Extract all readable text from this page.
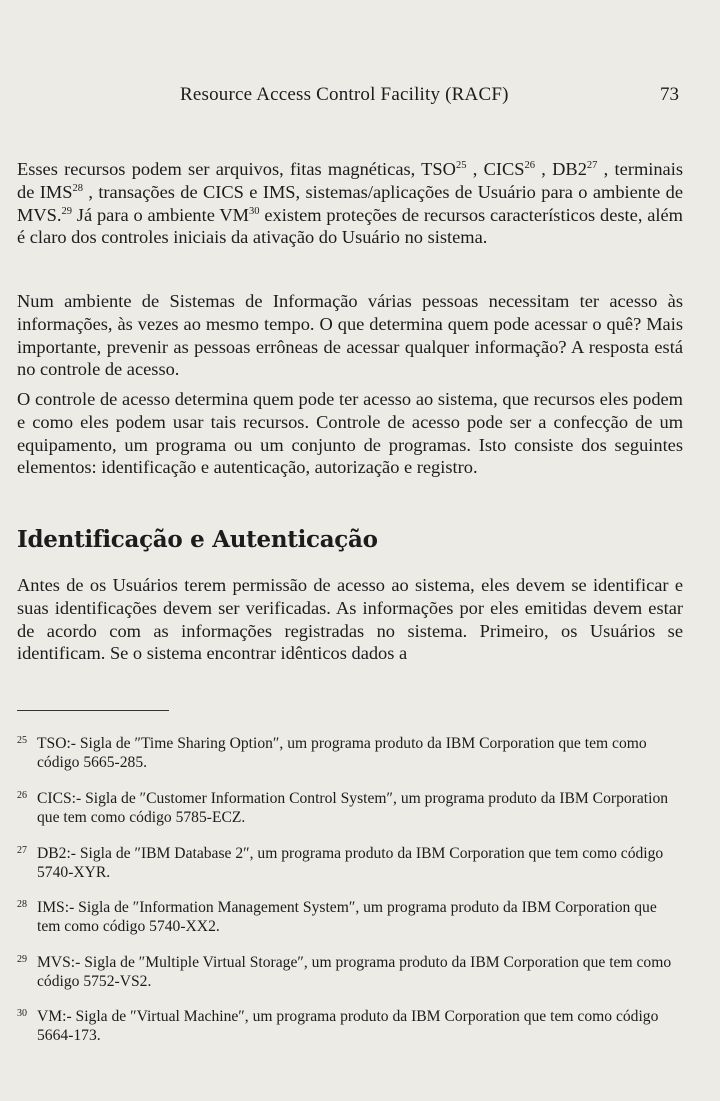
Resource Access Control Facility (RACF)	73

Esses recursos podem ser arquivos, fitas magnéticas, TSO$^{25}$ , CICS$^{26}$ , $DB2^{27}$ , terminais de IMS$^{28}$ , transações de CICS e IMS, sistemas/aplicações de Usuário para o ambiente de MVS.$^{29}$ Já para o ambiente VM$^{30}$ existem proteções de recursos característicos deste, além é claro dos controles iniciais da ativação do Usuário no sistema.

Num ambiente de Sistemas de Informação várias pessoas necessitam ter acesso às informações, às vezes ao mesmo tempo. O que determina quem pode acessar o quê? Mais importante, prevenir as pessoas errôneas de acessar qualquer informação? A resposta está no controle de acesso.

O controle de acesso determina quem pode ter acesso ao sistema, que recursos eles podem e como eles podem usar tais recursos. Controle de acesso pode ser a confecção de um equipamento, um programa ou um conjunto de programas. Isto consiste dos seguintes elementos: identificação e autenticação, autorização e registro.

Identificação e Autenticação

Antes de os Usuários terem permissão de acesso ao sistema, eles devem se identificar e suas identificações devem ser verificadas. As informações por eles emitidas devem estar de acordo com as informações registradas no sistema. Primeiro, os Usuários se identificam. Se o sistema encontrar idênticos dados a

25 TSO:- Sigla de ″Time Sharing Option″, um programa produto da IBM Corporation que tem como código 5665-285.

26 CICS:- Sigla de ″Customer Information Control System″, um programa produto da IBM Corporation que tem como código 5785-ECZ.

27 DB2:- Sigla de ″IBM Database 2″, um programa produto da IBM Corporation que tem como código 5740-XYR.

28 IMS:- Sigla de ″Information Management System″, um programa produto da IBM Corporation que tem como código 5740-XX2.

29 MVS:- Sigla de ″Multiple Virtual Storage″, um programa produto da IBM Corporation que tem como código 5752-VS2.

30 VM:- Sigla de ″Virtual Machine″, um programa produto da IBM Corporation que tem como código 5664-173.
